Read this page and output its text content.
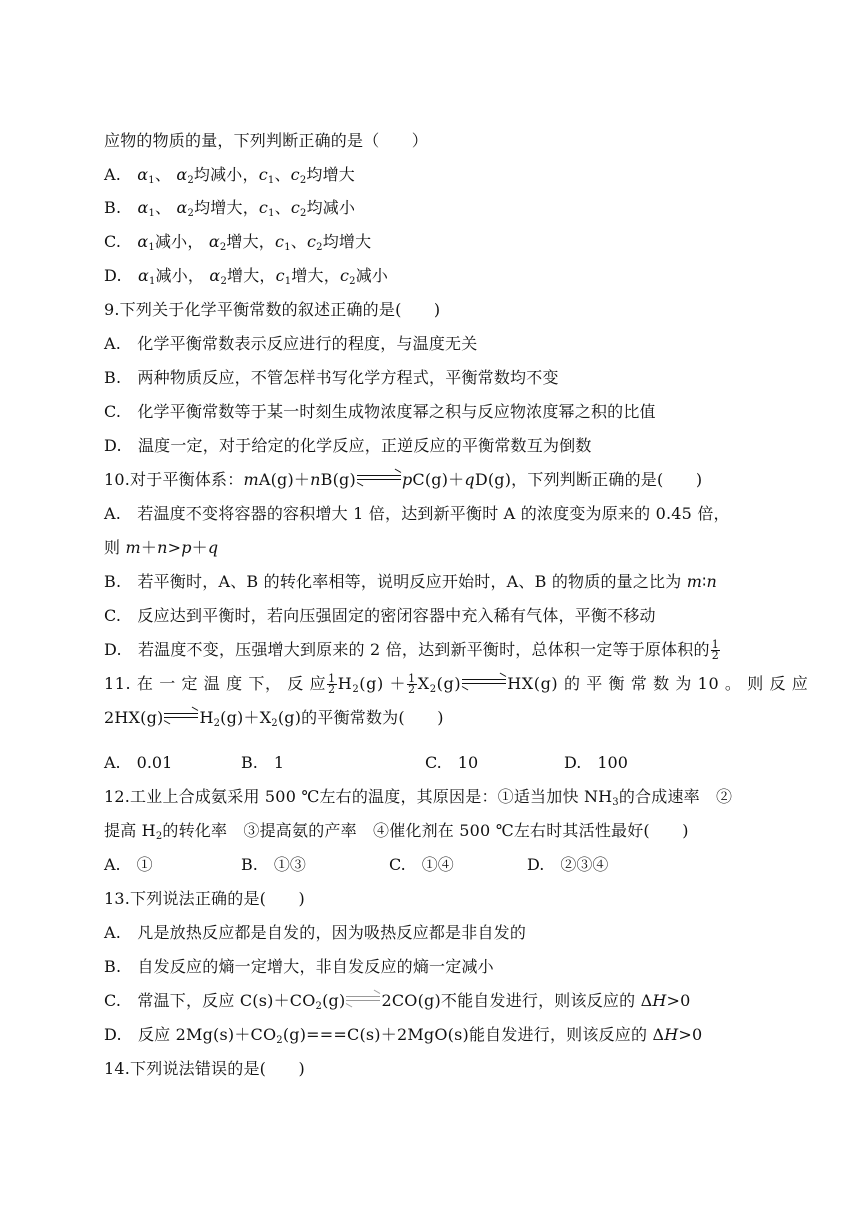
应物的物质的量，下列判断正确的是（　　）
A.　$\alpha_1$、 $\alpha_2$均减小，$c_1$、$c_2$均增大
B.　$\alpha_1$、 $\alpha_2$均增大，$c_1$、$c_2$均减小
C.　$\alpha_1$减小， $\alpha_2$增大，$c_1$、$c_2$均增大
D.　$\alpha_1$减小， $\alpha_2$增大，$c_1$增大，$c_2$减小
9.下列关于化学平衡常数的叙述正确的是(　　)
A.　化学平衡常数表示反应进行的程度，与温度无关
B.　两种物质反应，不管怎样书写化学方程式，平衡常数均不变
C.　化学平衡常数等于某一时刻生成物浓度幂之积与反应物浓度幂之积的比值
D.　温度一定，对于给定的化学反应，正逆反应的平衡常数互为倒数
10.对于平衡体系：mA(g)＋nB(g)	pC(g)＋qD(g)，下列判断正确的是(　　)
A.　若温度不变将容器的容积增大 1 倍，达到新平衡时 A 的浓度变为原来的 0.45 倍，
则 m＋n>p＋q
B.　若平衡时，A、B 的转化率相等，说明反应开始时，A、B 的物质的量之比为 m∶n
C.　反应达到平衡时，若向压强固定的密闭容器中充入稀有气体，平衡不移动
D.　若温度不变，压强增大到原来的 2 倍，达到新平衡时，总体积一定等于原体积的 $\frac{1}{2}$
11. 在 一 定 温 度 下， 反 应 $\frac{1}{2} H_2(g) + \frac{1}{2} X_2(g)$	HX(g) 的 平 衡 常 数 为 10 。 则 反 应
2HX(g) $H_2(g)+X_2(g)$的平衡常数为(　　)
A.　0.01	B.　1	C.　10	D.　100
12.工业上合成氨采用 500 ℃左右的温度，其原因是：①适当加快 $NH_3$的合成速率　②
提高 $H_2$的转化率　③提高氨的产率　④催化剂在 500 ℃左右时其活性最好(　　)
A.　①	B.　①③	C.　①④	D.　②③④
13.下列说法正确的是(　　)
A.　凡是放热反应都是自发的，因为吸热反应都是非自发的
B.　自发反应的熵一定增大，非自发反应的熵一定减小
C.　常温下，反应 $C(s)+CO_2(g)$ 2CO(g)不能自发进行，则该反应的 ΔH>0
D.　反应 $2Mg(s)+CO_2(g)===C(s)+2MgO(s)$能自发进行，则该反应的 ΔH>0
14.下列说法错误的是(　　)
